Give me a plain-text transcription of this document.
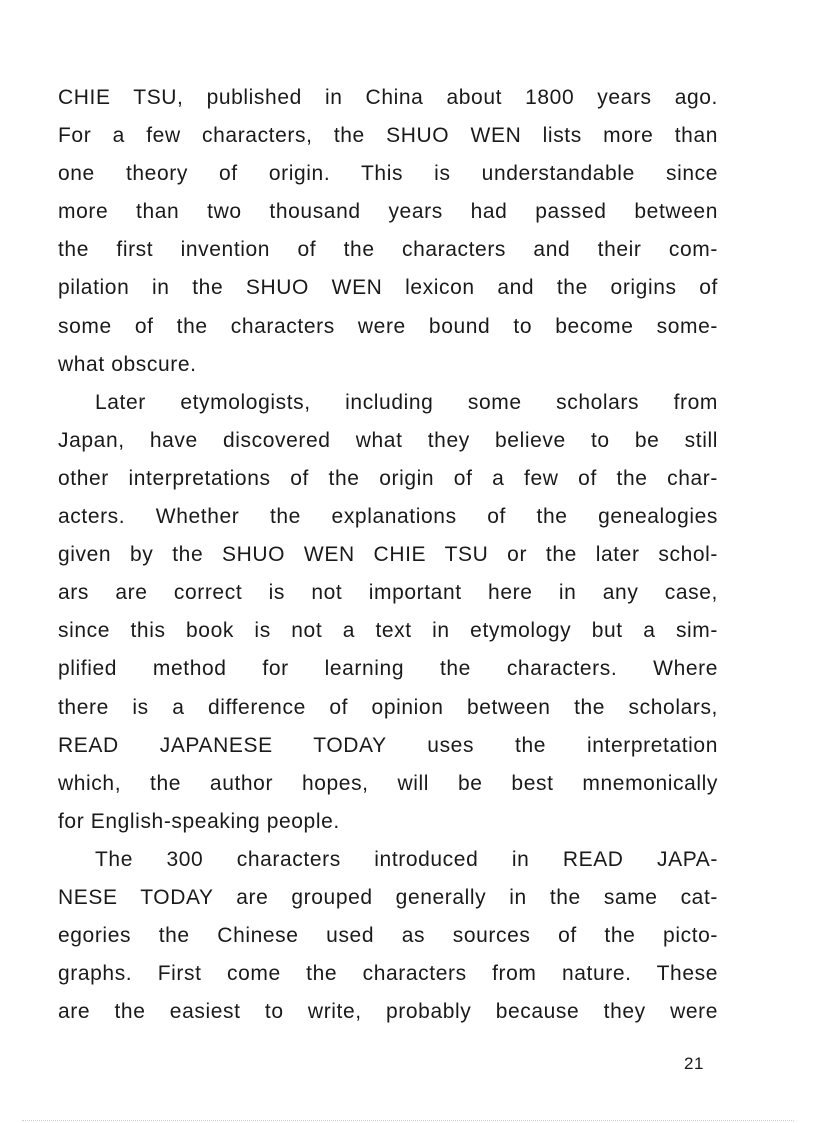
CHIE TSU, published in China about 1800 years ago.
For a few characters, the SHUO WEN lists more than
one theory of origin. This is understandable since
more than two thousand years had passed between
the first invention of the characters and their com-
pilation in the SHUO WEN lexicon and the origins of
some of the characters were bound to become some-
what obscure.
Later etymologists, including some scholars from
Japan, have discovered what they believe to be still
other interpretations of the origin of a few of the char-
acters. Whether the explanations of the genealogies
given by the SHUO WEN CHIE TSU or the later schol-
ars are correct is not important here in any case,
since this book is not a text in etymology but a sim-
plified method for learning the characters. Where
there is a difference of opinion between the scholars,
READ JAPANESE TODAY uses the interpretation
which, the author hopes, will be best mnemonically
for English-speaking people.
The 300 characters introduced in READ JAPA-
NESE TODAY are grouped generally in the same cat-
egories the Chinese used as sources of the picto-
graphs. First come the characters from nature. These
are the easiest to write, probably because they were
21
